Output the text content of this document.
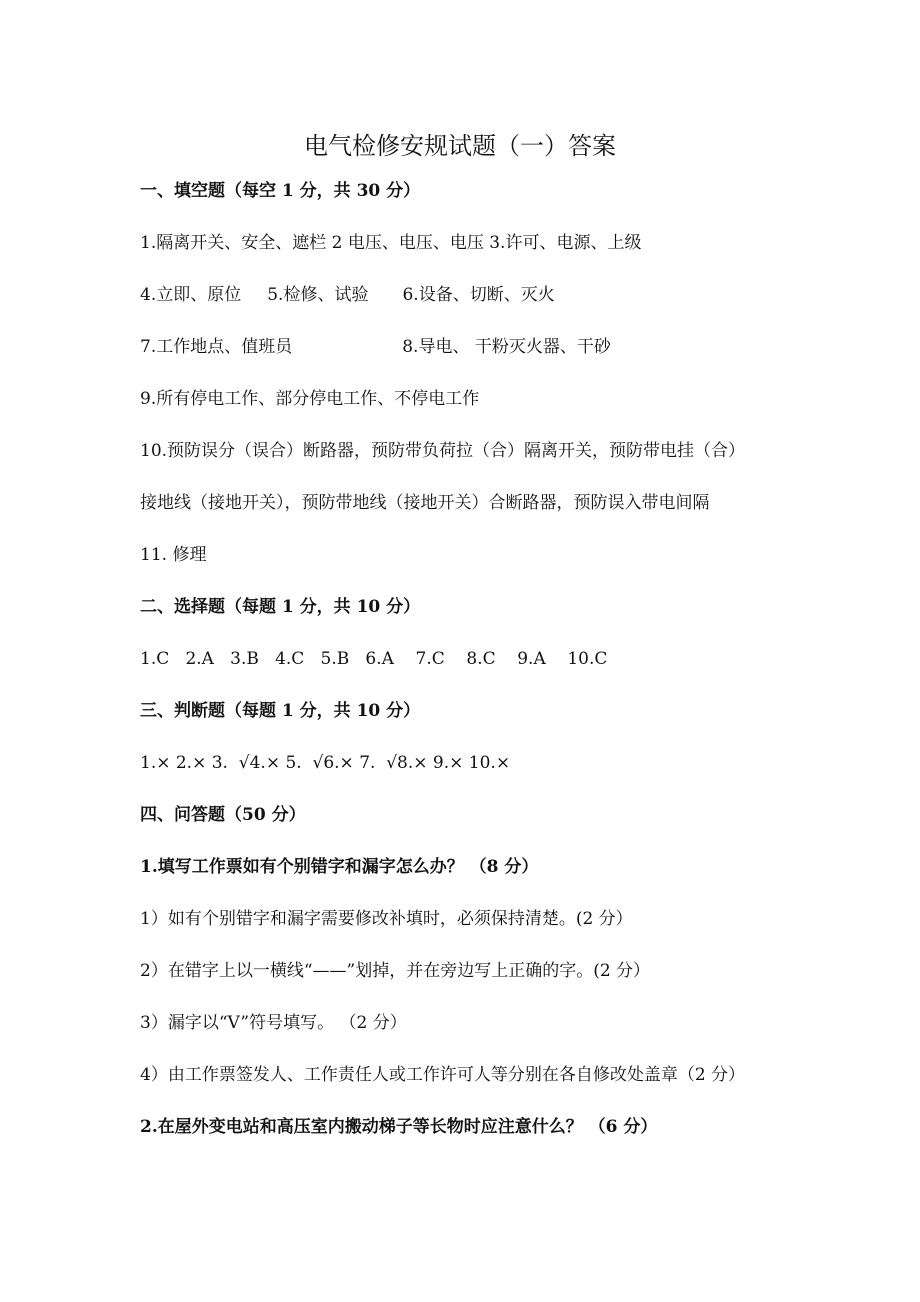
电气检修安规试题（一）答案
一、填空题（每空 1 分，共 30 分）
1.隔离开关、安全、遮栏 2 电压、电压、电压 3.许可、电源、上级
4.立即、原位 5.检修、试验 6.设备、切断、灭火
7.工作地点、值班员	8.导电、 干粉灭火器、干砂
9.所有停电工作、部分停电工作、不停电工作
10.预防误分（误合）断路器，预防带负荷拉（合）隔离开关，预防带电挂（合）
接地线（接地开关），预防带地线（接地开关）合断路器，预防误入带电间隔
11. 修理
二、选择题（每题 1 分，共 10 分）
1.C   2.A   3.B   4.C   5.B   6.A    7.C    8.C    9.A    10.C
三、判断题（每题 1 分，共 10 分）
1.× 2.× 3.  √4.× 5.  √6.× 7.  √8.× 9.× 10.×
四、问答题（50 分）
1.填写工作票如有个别错字和漏字怎么办？ （8 分）
1）如有个别错字和漏字需要修改补填时，必须保持清楚。(2 分）
2）在错字上以一横线“——”划掉，并在旁边写上正确的字。(2 分）
3）漏字以“V”符号填写。 （2 分）
4）由工作票签发人、工作责任人或工作许可人等分别在各自修改处盖章（2 分）
2.在屋外变电站和高压室内搬动梯子等长物时应注意什么？ （6 分）
